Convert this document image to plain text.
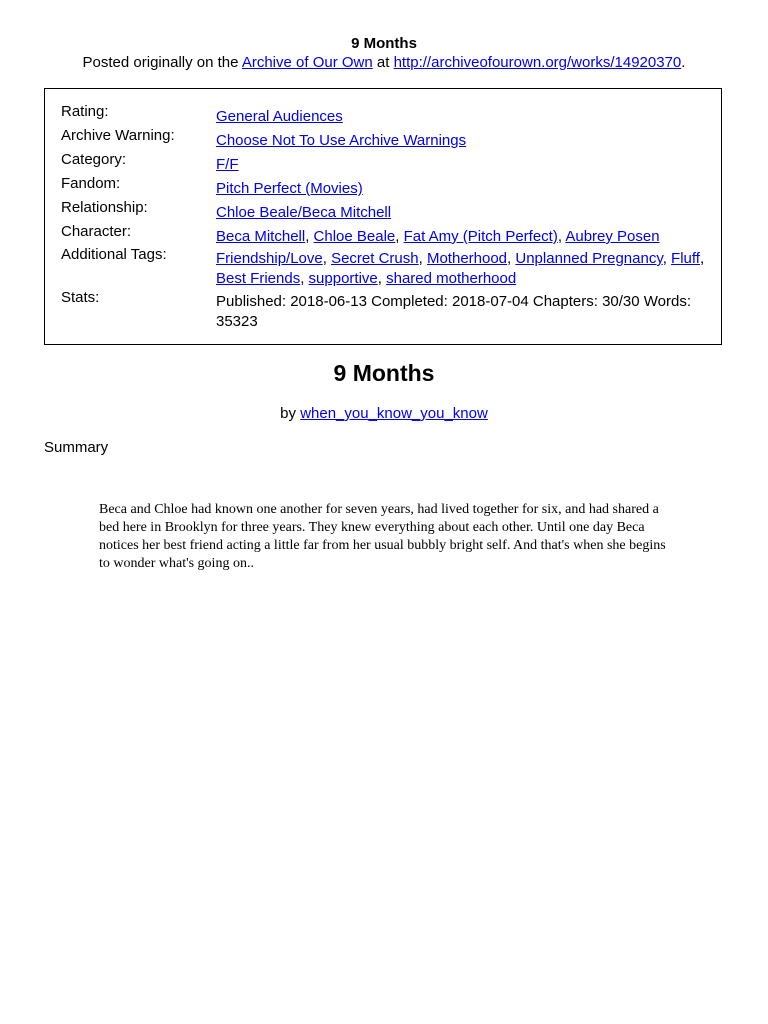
9 Months
Posted originally on the Archive of Our Own at http://archiveofourown.org/works/14920370.
Rating:	General Audiences
Archive Warning:	Choose Not To Use Archive Warnings
Category:	F/F
Fandom:	Pitch Perfect (Movies)
Relationship:	Chloe Beale/Beca Mitchell
Character:	Beca Mitchell, Chloe Beale, Fat Amy (Pitch Perfect), Aubrey Posen
Additional Tags:	Friendship/Love, Secret Crush, Motherhood, Unplanned Pregnancy, Fluff, Best Friends, supportive, shared motherhood
Stats:	Published: 2018-06-13 Completed: 2018-07-04 Chapters: 30/30 Words:
35323
9 Months
by when_you_know_you_know
Summary
Beca and Chloe had known one another for seven years, had lived together for six, and had shared a bed here in Brooklyn for three years. They knew everything about each other. Until one day Beca notices her best friend acting a little far from her usual bubbly bright self. And that's when she begins to wonder what's going on..
